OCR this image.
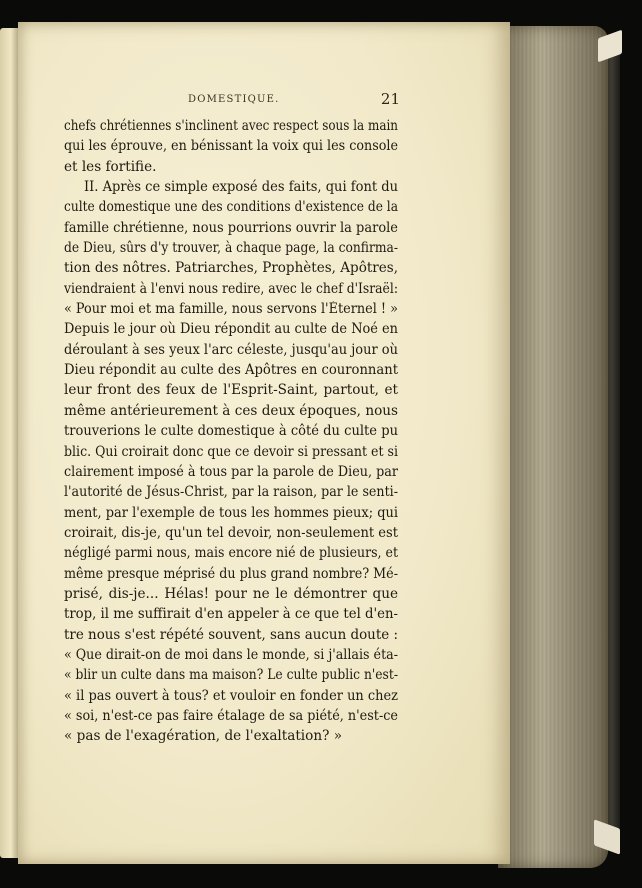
DOMESTIQUE.	21
chefs chrétiennes s'inclinent avec respect sous la main
qui les éprouve, en bénissant la voix qui les console
et les fortifie.
II. Après ce simple exposé des faits, qui font du
culte domestique une des conditions d'existence de la
famille chrétienne, nous pourrions ouvrir la parole
de Dieu, sûrs d'y trouver, à chaque page, la confirma-
tion des nôtres. Patriarches, Prophètes, Apôtres,
viendraient à l'envi nous redire, avec le chef d'Israël:
« Pour moi et ma famille, nous servons l'Éternel ! »
Depuis le jour où Dieu répondit au culte de Noé en
déroulant à ses yeux l'arc céleste, jusqu'au jour où
Dieu répondit au culte des Apôtres en couronnant
leur front des feux de l'Esprit-Saint, partout, et
même antérieurement à ces deux époques, nous
trouverions le culte domestique à côté du culte pu
blic. Qui croirait donc que ce devoir si pressant et si
clairement imposé à tous par la parole de Dieu, par
l'autorité de Jésus-Christ, par la raison, par le senti-
ment, par l'exemple de tous les hommes pieux; qui
croirait, dis-je, qu'un tel devoir, non-seulement est
négligé parmi nous, mais encore nié de plusieurs, et
même presque méprisé du plus grand nombre? Mé-
prisé, dis-je... Hélas! pour ne le démontrer que
trop, il me suffirait d'en appeler à ce que tel d'en-
tre nous s'est répété souvent, sans aucun doute :
« Que dirait-on de moi dans le monde, si j'allais éta-
« blir un culte dans ma maison? Le culte public n'est-
« il pas ouvert à tous? et vouloir en fonder un chez
« soi, n'est-ce pas faire étalage de sa piété, n'est-ce
« pas de l'exagération, de l'exaltation? »
